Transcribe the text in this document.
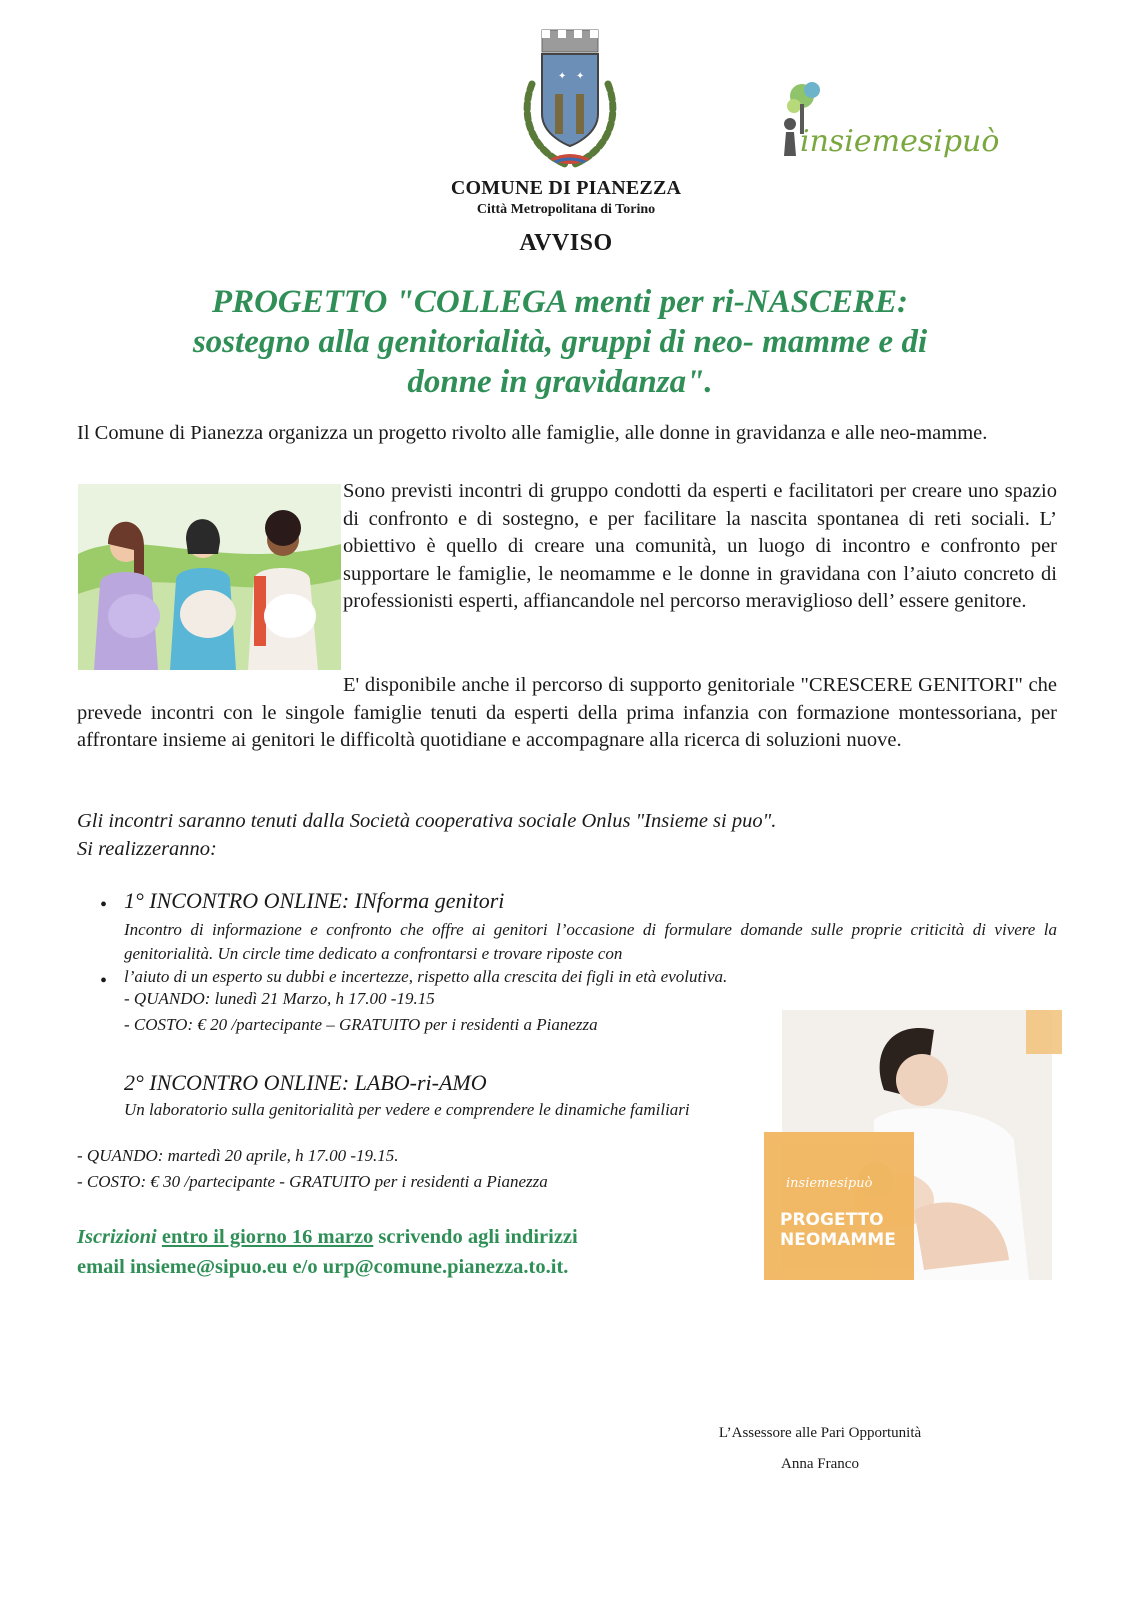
✦ ✦
insiemesipuò
COMUNE DI PIANEZZA
Città Metropolitana di Torino
AVVISO
PROGETTO "COLLEGA menti per ri-NASCERE:
sostegno alla genitorialità, gruppi di neo- mamme e di
donne in gravidanza".
Il Comune di Pianezza organizza un progetto rivolto alle famiglie, alle donne in gravidanza e alle neo-mamme.
Sono previsti incontri di gruppo condotti da esperti e facilitatori per creare uno spazio di confronto e di sostegno, e per facilitare la nascita spontanea di reti sociali. L’ obiettivo è quello di creare una comunità, un luogo di incontro e confronto per supportare le famiglie, le neomamme e le donne in gravidana con l’aiuto concreto di professionisti esperti, affiancandole nel percorso meraviglioso dell’ essere genitore.
E' disponibile anche il percorso di supporto genitoriale "CRESCERE GENITORI" che prevede incontri con le singole famiglie tenuti da esperti della prima infanzia con formazione montessoriana, per affrontare insieme ai genitori le difficoltà quotidiane e accompagnare alla ricerca di soluzioni nuove.
Gli incontri saranno tenuti dalla Società cooperativa sociale Onlus "Insieme si puo".
Si realizzeranno:
• 1° INCONTRO ONLINE: INforma genitori
Incontro di informazione e confronto che offre ai genitori l’occasione di formulare domande sulle proprie criticità di vivere la genitorialità. Un circle time dedicato a confrontarsi e trovare riposte con
• l’aiuto di un esperto su dubbi e incertezze, rispetto alla crescita dei figli in età evolutiva.
- QUANDO: lunedì 21 Marzo, h 17.00 -19.15
- COSTO: € 20 /partecipante – GRATUITO per i residenti a Pianezza
2° INCONTRO ONLINE: LABO-ri-AMO
Un laboratorio sulla genitorialità per vedere e comprendere le dinamiche familiari
- QUANDO: martedì 20 aprile, h 17.00 -19.15.
- COSTO: € 30 /partecipante - GRATUITO per i residenti a Pianezza
Iscrizioni entro il giorno 16 marzo scrivendo agli indirizzi
email insieme@sipuo.eu e/o urp@comune.pianezza.to.it.
insiemesipuò
PROGETTO
NEOMAMME
L’Assessore alle Pari Opportunità
Anna Franco
